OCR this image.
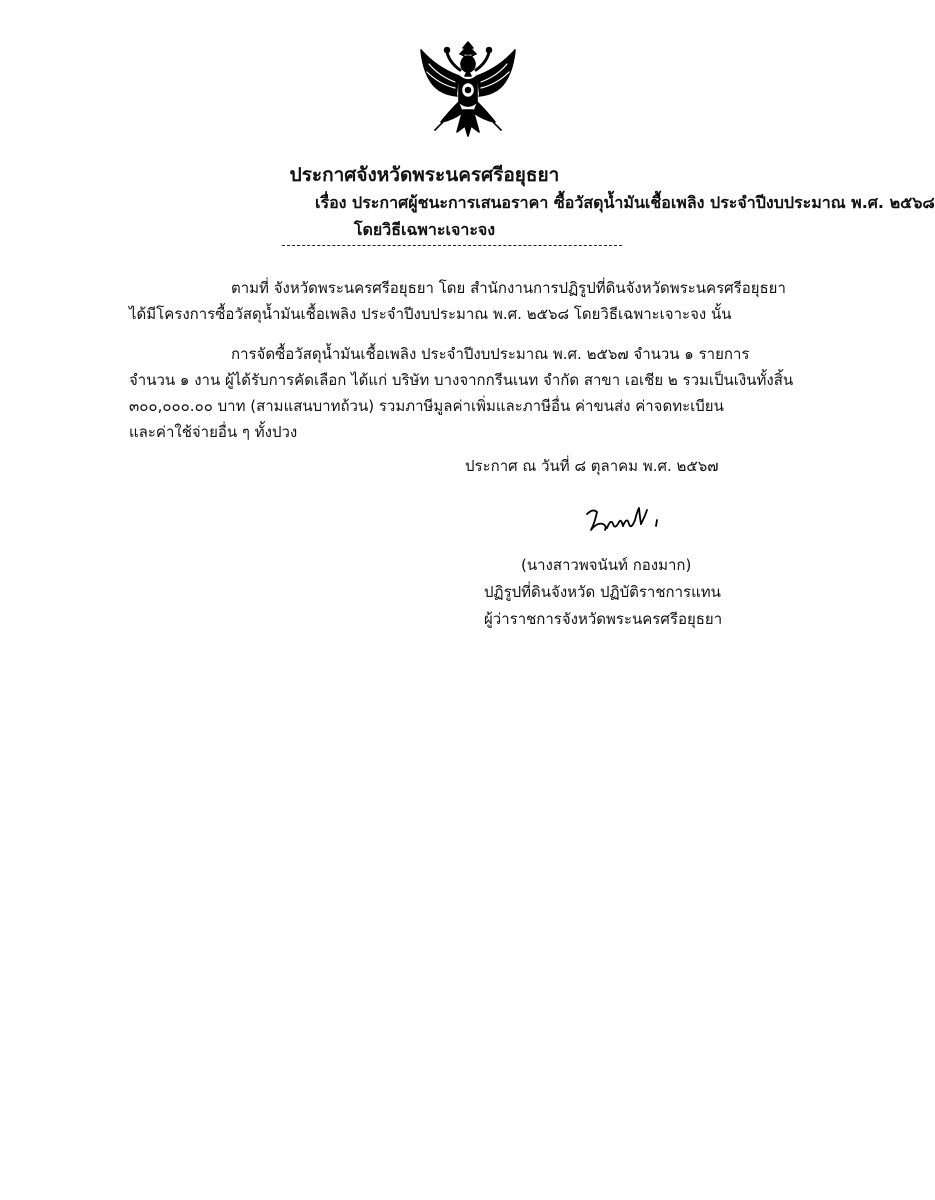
ประกาศจังหวัดพระนครศรีอยุธยา
เรื่อง ประกาศผู้ชนะการเสนอราคา ซื้อวัสดุน้ำมันเชื้อเพลิง ประจำปีงบประมาณ พ.ศ. ๒๕๖๘
โดยวิธีเฉพาะเจาะจง
ตามที่ จังหวัดพระนครศรีอยุธยา โดย สำนักงานการปฏิรูปที่ดินจังหวัดพระนครศรีอยุธยา
ได้มีโครงการซื้อวัสดุน้ำมันเชื้อเพลิง ประจำปีงบประมาณ พ.ศ. ๒๕๖๘ โดยวิธีเฉพาะเจาะจง นั้น
การจัดซื้อวัสดุน้ำมันเชื้อเพลิง ประจำปีงบประมาณ พ.ศ. ๒๕๖๗ จำนวน ๑ รายการ
จำนวน ๑ งาน ผู้ได้รับการคัดเลือก ได้แก่ บริษัท บางจากกรีนเนท จำกัด สาขา เอเชีย ๒ รวมเป็นเงินทั้งสิ้น
๓๐๐,๐๐๐.๐๐ บาท (สามแสนบาทถ้วน) รวมภาษีมูลค่าเพิ่มและภาษีอื่น ค่าขนส่ง ค่าจดทะเบียน
และค่าใช้จ่ายอื่น ๆ ทั้งปวง
ประกาศ ณ วันที่ ๘ ตุลาคม พ.ศ. ๒๕๖๗
(นางสาวพจนันท์ กองมาก)
ปฏิรูปที่ดินจังหวัด ปฏิบัติราชการแทน
ผู้ว่าราชการจังหวัดพระนครศรีอยุธยา
